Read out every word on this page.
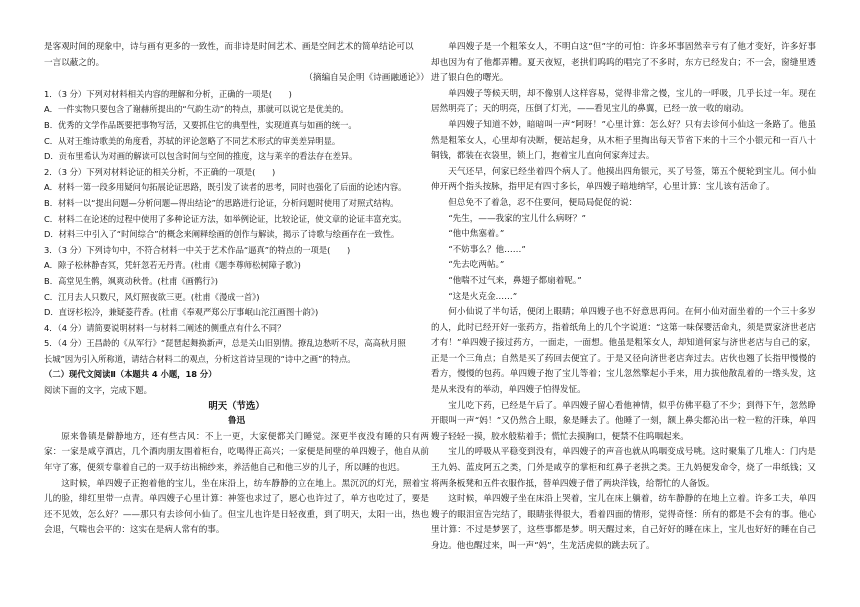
是客观时间的现象中，诗与画有更多的一致性，而非诗是时间艺术、画是空间艺术的简单结论可以

一言以蔽之的。

（摘编自吴企明《诗画融通论》）

1．（3 分）下列对材料相关内容的理解和分析，正确的一项是(　　)

A．一件实物只要包含了谢赫所提出的“气韵生动”的特点，那就可以说它是优美的。

B．优秀的文学作品既要把事物写活，又要抓住它的典型性，实现道真与如画的统一。

C．从对王维诗歌美的角度看，苏轼的评论忽略了不同艺术形式的审美差异明显。

D．贡布里希认为对画的解读可以包含时间与空间的推度，这与莱辛的看法存在差异。

2．（3 分）下列对材料论证的相关分析，不正确的一项是(　　)

A．材料一第一段多用疑问句拓展论证思路，既引发了读者的思考，同时也强化了后面的论述内容。

B．材料一以“提出问题—分析问题—得出结论”的思路进行论证，分析问题时使用了对照式结构。

C．材料二在论述的过程中使用了多种论证方法，如举例论证，比较论证，使文章的论证丰富充实。

D．材料三中引入了“时间综合”的概念来阐释绘画的创作与解读，揭示了诗歌与绘画存在一致性。

3．（3 分）下列诗句中，不符合材料一中关于艺术作品“逼真”的特点的一项是(　　)

A．隙子松林静杳冥，凭轩忽若无丹青。(杜甫《题李尊师松树障子歌》)

B．高堂见生鹘，飒爽动秋骨。(杜甫《画鹘行》)

C．江月去人只数尺，风灯照夜欲三更。(杜甫《漫成一首》)

D．直讶杉松冷，兼疑菱荇香。(杜甫《奉观严郑公厅事岷山沱江画图十韵》)

4．（4 分）请简要说明材料一与材料二阐述的侧重点有什么不同？

5．（4 分）王昌龄的《从军行》“琵琶起舞换新声，总是关山旧别情。撩乱边愁听不尽，高高秋月照

长城”因为引入所称道，请结合材料二的观点，分析这首诗呈现的“诗中之画”的特点。

（二）现代文阅读Ⅱ（本题共 4 小题，18 分）

阅读下面的文字，完成下题。

明天（节选）

鲁迅

原来鲁镇是僻静地方，还有些古风：不上一更，大家便都关门睡觉。深更半夜没有睡的只有两家：一家是咸亨酒店，几个酒肉朋友围着柜台，吃喝得正高兴；一家便是间壁的单四嫂子，他自从前年守了寡，便须专靠着自己的一双手纺出棉纱来，养活他自己和他三岁的儿子，所以睡的也迟。

这时候，单四嫂子正抱着他的宝儿，坐在床沿上，纺车静静的立在地上。黑沉沉的灯光，照着宝儿的脸，绯红里带一点青。单四嫂子心里计算：神签也求过了，愿心也许过了，单方也吃过了，要是还不见效，怎么好？——那只有去诊何小仙了。但宝儿也许是日轻夜重，到了明天，太阳一出，热也会退，气喘也会平的：这实在是病人常有的事。

单四嫂子是一个粗笨女人，不明白这“但”字的可怕：许多坏事固然幸亏有了他才变好，许多好事却也因为有了他都弄糟。夏天夜短，老拱们呜呜的唱完了不多时，东方已经发白；不一会，窗缝里透进了银白色的曙光。

单四嫂子等候天明，却不像别人这样容易，觉得非常之慢，宝儿的一呼吸，几乎长过一年。现在居然明亮了；天的明亮，压倒了灯光，——看见宝儿的鼻翼，已经一放一收的扇动。

单四嫂子知道不妙，暗暗叫一声“阿呀！”心里计算：怎么好？只有去诊何小仙这一条路了。他虽然是粗笨女人，心里却有决断，便站起身，从木柜子里掏出每天节省下来的十三个小银元和一百八十铜钱，都装在衣袋里，锁上门，抱着宝儿直向何家奔过去。

天气还早，何家已经坐着四个病人了。他摸出四角银元，买了号签，第五个便轮到宝儿。何小仙伸开两个指头按脉，指甲足有四寸多长，单四嫂子暗地纳罕，心里计算：宝儿该有活命了。

但总免不了着急，忍不住要问，便局局促促的说：

“先生，——我家的宝儿什么病呀？”

“他中焦塞着。”

“不妨事么？他……”

“先去吃两帖。”

“他喘不过气来，鼻翅子都扇着呢。”

“这是火克金……”

何小仙说了半句话，便闭上眼睛；单四嫂子也不好意思再问。在何小仙对面坐着的一个三十多岁的人，此时已经开好一张药方，指着纸角上的几个字说道：“这第一味保婴活命丸，须是贾家济世老店才有！”单四嫂子接过药方，一面走，一面想。他虽是粗笨女人，却知道何家与济世老店与自己的家，正是一个三角点；自然是买了药回去便宜了。于是又径向济世老店奔过去。店伙也翘了长指甲慢慢的看方，慢慢的包药。单四嫂子抱了宝儿等着；宝儿忽然擎起小手来，用力拔他散乱着的一绺头发，这是从来没有的举动，单四嫂子怕得发怔。

宝儿吃下药，已经是午后了。单四嫂子留心看他神情，似乎仿佛平稳了不少；到得下午，忽然睁开眼叫一声“妈！”又仍然合上眼，象是睡去了。他睡了一刻，额上鼻尖都沁出一粒一粒的汗珠，单四嫂子轻轻一摸，胶水般粘着手；慌忙去摸胸口，便禁不住呜咽起来。

宝儿的呼吸从平稳变到没有，单四嫂子的声音也就从呜咽变成号咷。这时聚集了几堆人：门内是王九妈、蓝皮阿五之类，门外是咸亨的掌柜和红鼻子老拱之类。王九妈便发命令，烧了一串纸钱；又将两条板凳和五件衣服作抵，替单四嫂子借了两块洋钱，给帮忙的人备饭。

这时候，单四嫂子坐在床沿上哭着，宝儿在床上躺着，纺车静静的在地上立着。许多工夫，单四嫂子的眼泪宣告完结了，眼睛张得很大，看着四面的情形，觉得奇怪：所有的都是不会有的事。他心里计算：不过是梦罢了，这些事都是梦。明天醒过来，自己好好的睡在床上，宝儿也好好的睡在自己身边。他也醒过来，叫一声“妈”，生龙活虎似的跳去玩了。
